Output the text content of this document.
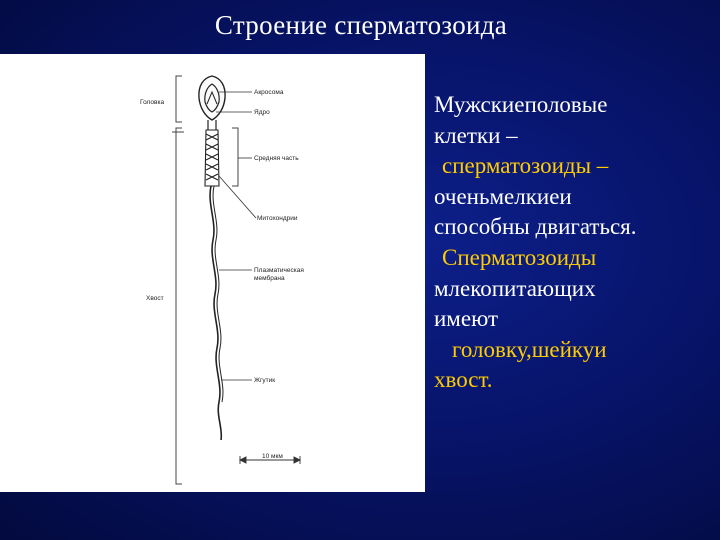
Строение сперматозоида
Головка
Хвост
Акросома
Ядро
Средняя часть
Митохондрии
Плазматическая
мембрана
Жгутик
10 мкм
Мужскиеполовые
клетки –
сперматозоиды –
оченьмелкиеи
способны двигаться.
Сперматозоиды
млекопитающих
имеют
головку,шейкуи
хвост.
